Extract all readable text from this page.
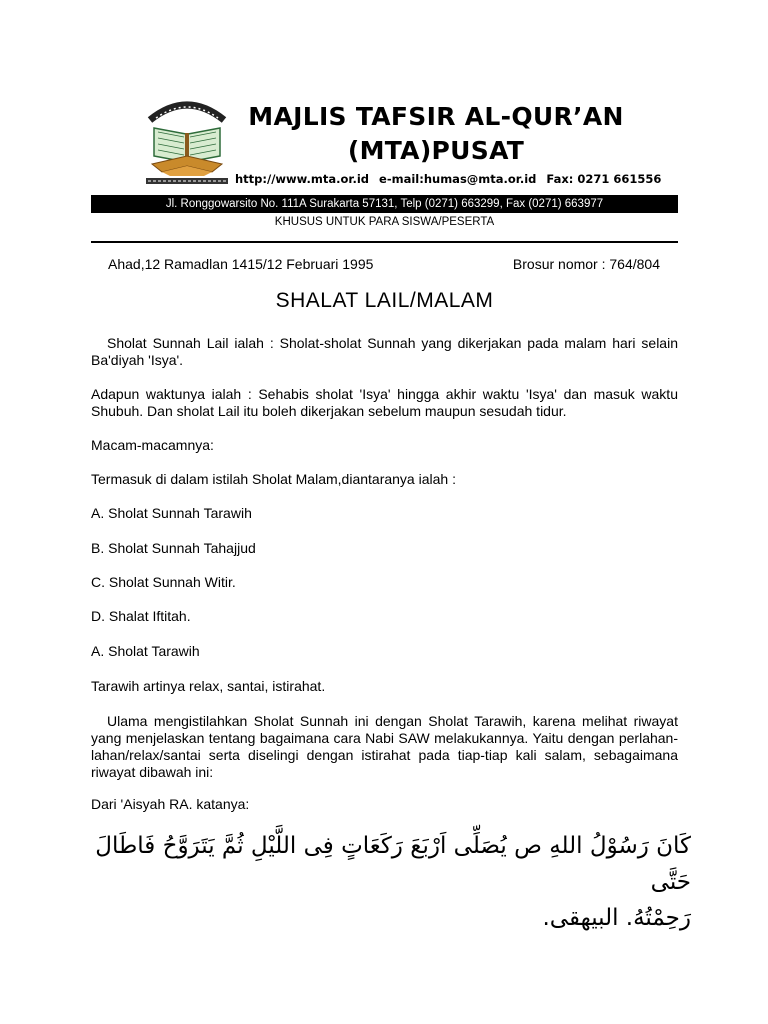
MAJLIS TAFSIR AL-QUR’AN
(MTA)PUSAT
http://www.mta.or.id e-mail:humas@mta.or.id Fax: 0271 661556
Jl. Ronggowarsito No. 111A Surakarta 57131, Telp (0271) 663299, Fax (0271) 663977
KHUSUS UNTUK PARA SISWA/PESERTA
Ahad,12 Ramadlan 1415/12 Februari 1995	Brosur nomor : 764/804
SHALAT LAIL/MALAM
Sholat Sunnah Lail ialah : Sholat-sholat Sunnah yang dikerjakan pada malam hari selain Ba'diyah 'Isya'.
Adapun waktunya ialah : Sehabis sholat 'Isya' hingga akhir waktu 'Isya' dan masuk waktu Shubuh. Dan sholat Lail itu boleh dikerjakan sebelum maupun sesudah tidur.
Macam-macamnya:
Termasuk di dalam istilah Sholat Malam,diantaranya ialah :
A. Sholat Sunnah Tarawih
B. Sholat Sunnah Tahajjud
C. Sholat Sunnah Witir.
D. Shalat Iftitah.
A. Sholat Tarawih
Tarawih artinya relax, santai, istirahat.
Ulama mengistilahkan Sholat Sunnah ini dengan Sholat Tarawih, karena melihat riwayat yang menjelaskan tentang bagaimana cara Nabi SAW melakukannya. Yaitu dengan perlahan-lahan/relax/santai serta diselingi dengan istirahat pada tiap-tiap kali salam, sebagaimana riwayat dibawah ini:
Dari 'Aisyah RA. katanya:
كَانَ رَسُوْلُ اللهِ ص يُصَلِّى اَرْبَعَ رَكَعَاتٍ فِى اللَّيْلِ ثُمَّ يَتَرَوَّحُ فَاطَالَ حَتَّى
رَحِمْتُهُ. البيهقى.
